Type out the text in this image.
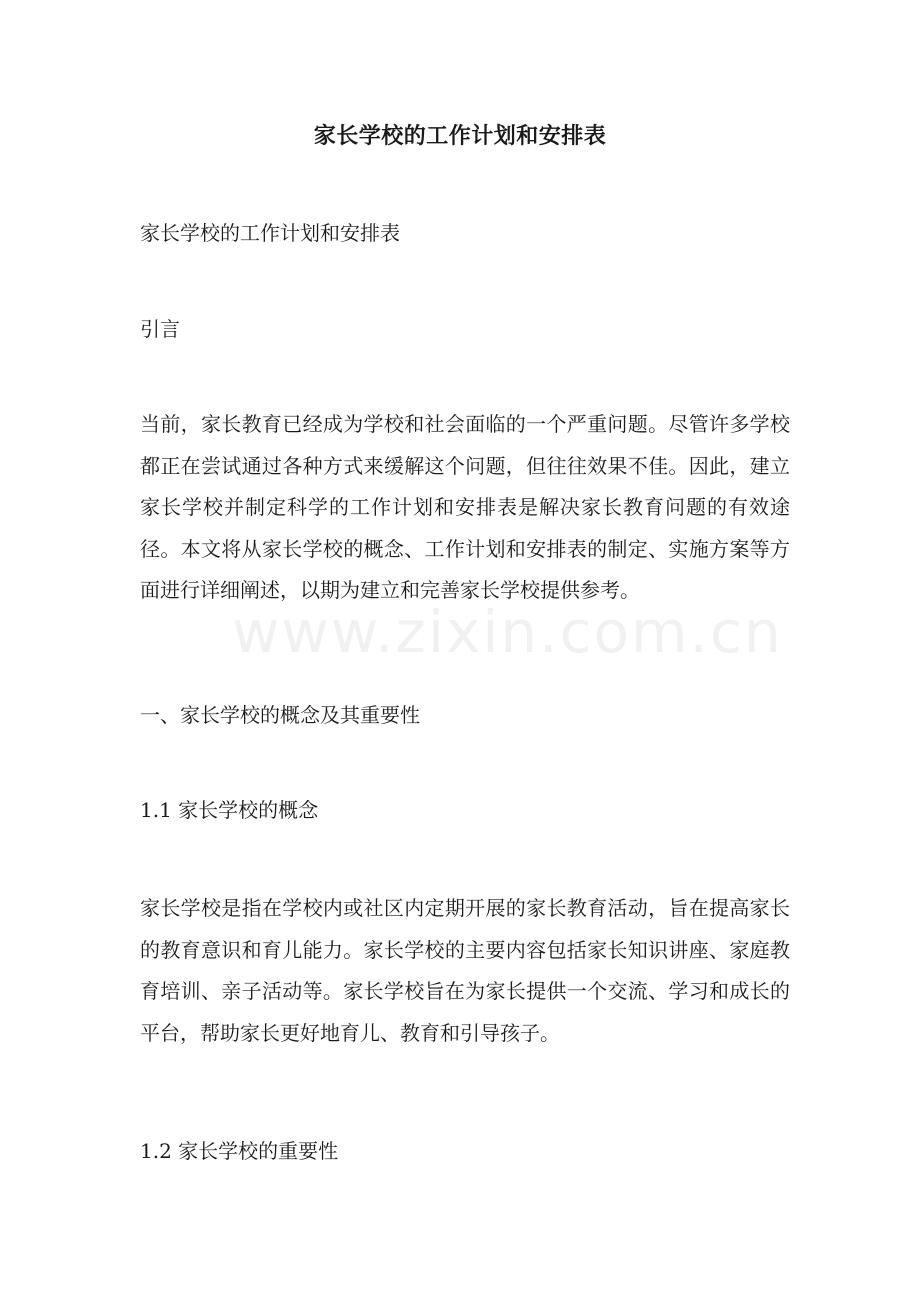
家长学校的工作计划和安排表
家长学校的工作计划和安排表
引言
当前，家长教育已经成为学校和社会面临的一个严重问题。尽管许多学校都正在尝试通过各种方式来缓解这个问题，但往往效果不佳。因此，建立家长学校并制定科学的工作计划和安排表是解决家长教育问题的有效途径。本文将从家长学校的概念、工作计划和安排表的制定、实施方案等方面进行详细阐述，以期为建立和完善家长学校提供参考。
一、家长学校的概念及其重要性
1.1 家长学校的概念
家长学校是指在学校内或社区内定期开展的家长教育活动，旨在提高家长的教育意识和育儿能力。家长学校的主要内容包括家长知识讲座、家庭教育培训、亲子活动等。家长学校旨在为家长提供一个交流、学习和成长的平台，帮助家长更好地育儿、教育和引导孩子。
1.2 家长学校的重要性
www.zixin.com.cn
